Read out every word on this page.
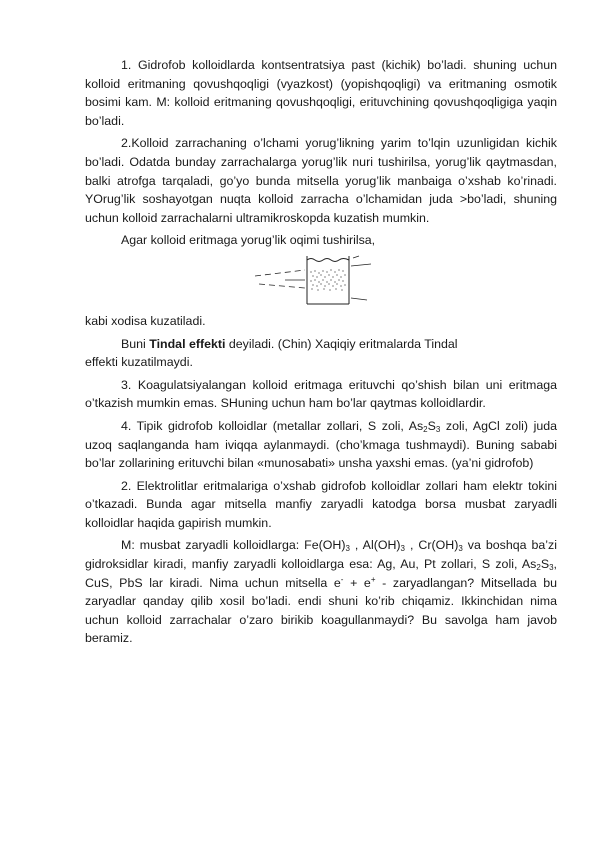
1. Gidrofob kolloidlarda kontsentratsiya past (kichik) bo’ladi. shuning uchun kolloid eritmaning qovushqoqligi (vyazkost) (yopishqoqligi) va eritmaning osmotik bosimi kam. M: kolloid eritmaning qovushqoqligi, erituvchining qovushqoqligiga yaqin bo’ladi.

2.Kolloid zarrachaning o’lchami yorug’likning yarim to’lqin uzunligidan kichik bo’ladi. Odatda bunday zarrachalarga yorug’lik nuri tushirilsa, yorug’lik qaytmasdan, balki atrofga tarqaladi, go’yo bunda mitsella yorug’lik manbaiga o’xshab ko’rinadi. YOrug’lik soshayotgan nuqta kolloid zarracha o’lchamidan juda >bo’ladi, shuning uchun kolloid zarrachalarni ultramikroskopda kuzatish mumkin.

Agar kolloid eritmaga yorug’lik oqimi tushirilsa,

kabi xodisa kuzatiladi.

Buni Tindal effekti deyiladi. (Chin) Xaqiqiy eritmalarda Tindal

effekti kuzatilmaydi.

3. Koagulatsiyalangan kolloid eritmaga erituvchi qo’shish bilan uni eritmaga o’tkazish mumkin emas. SHuning uchun ham bo’lar qaytmas kolloidlardir.

4. Tipik gidrofob kolloidlar (metallar zollari, S zoli, $As_2S_3$ zoli, AgCl zoli) juda uzoq saqlanganda ham iviqqa aylanmaydi. (cho’kmaga tushmaydi). Buning sababi bo’lar zollarining erituvchi bilan «munosabati» unsha yaxshi emas. (ya’ni gidrofob)

2. Elektrolitlar eritmalariga o’xshab gidrofob kolloidlar zollari ham elektr tokini o’tkazadi. Bunda agar mitsella manfiy zaryadli katodga borsa musbat zaryadli kolloidlar haqida gapirish mumkin.

M: musbat zaryadli kolloidlarga: $Fe(OH)_3$ , $Al(OH)_3$ , $Cr(OH)_3$ va boshqa ba’zi gidroksidlar kiradi, manfiy zaryadli kolloidlarga esa: Ag, Au, Pt zollari, S zoli, $As_2S_3$, CuS, PbS lar kiradi. Nima uchun mitsella e- + e+ - zaryadlangan? Mitsellada bu zaryadlar qanday qilib xosil bo’ladi. endi shuni ko’rib chiqamiz. Ikkinchidan nima uchun kolloid zarrachalar o’zaro birikib koagullanmaydi? Bu savolga ham javob beramiz.
